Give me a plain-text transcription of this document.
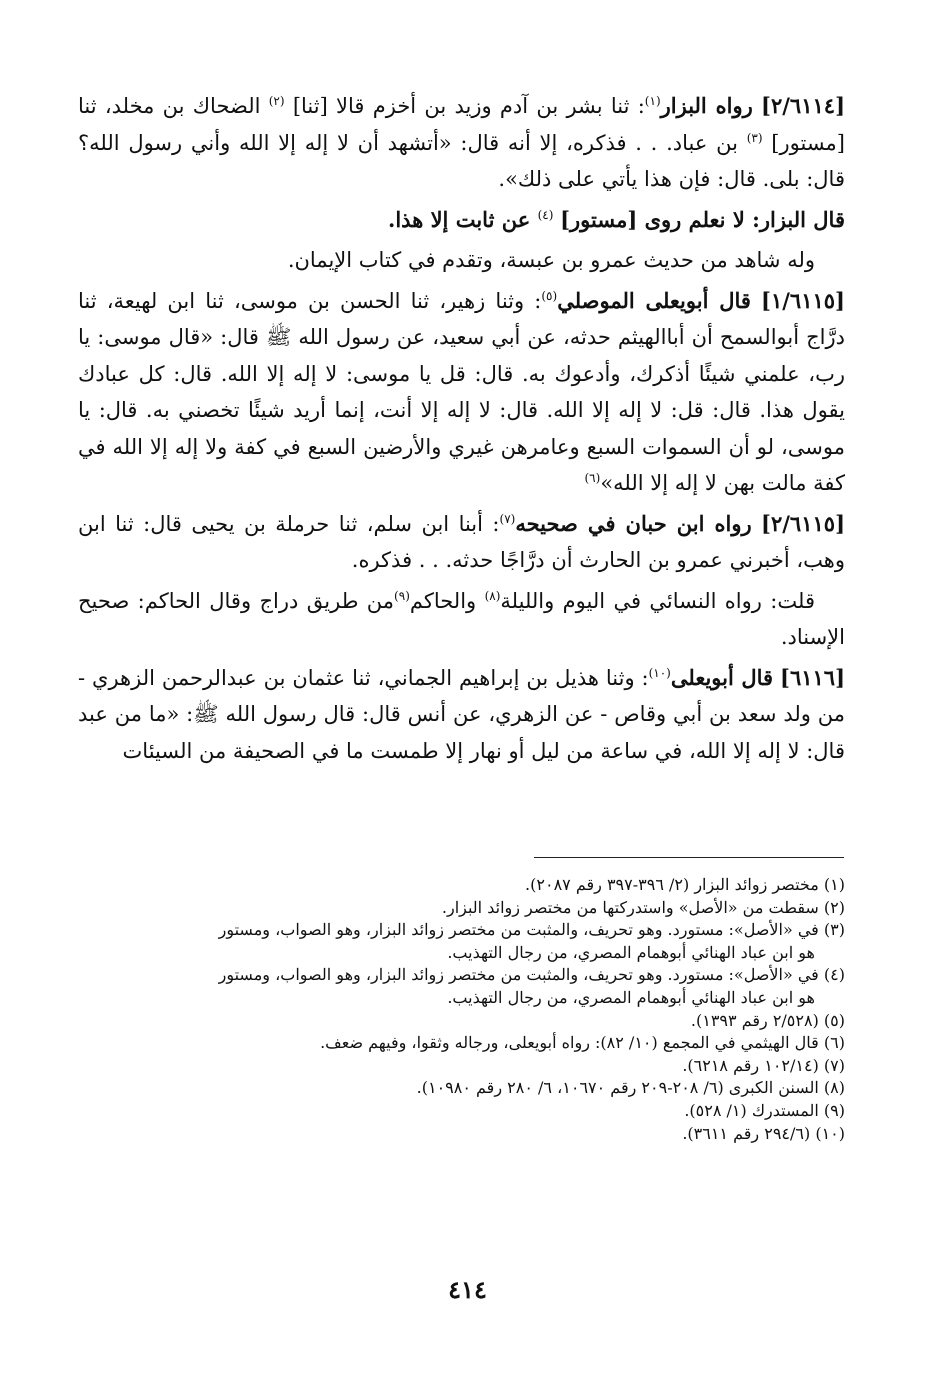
[٢/٦١١٤] رواه البزار$^{(١)}$: ثنا بشر بن آدم وزيد بن أخزم قالا [ثنا] $^{(٢)}$ الضحاك بن مخلد، ثنا [مستور] $^{(٣)}$ بن عباد. . . فذكره، إلا أنه قال: «أتشهد أن لا إله إلا الله وأني رسول الله؟ قال: بلى. قال: فإن هذا يأتي على ذلك».

قال البزار: لا نعلم روى [مستور] $^{(٤)}$ عن ثابت إلا هذا.

وله شاهد من حديث عمرو بن عبسة، وتقدم في كتاب الإيمان.

[١/٦١١٥] قال أبويعلى الموصلي$^{(٥)}$: وثنا زهير، ثنا الحسن بن موسى، ثنا ابن لهيعة، ثنا درَّاج أبوالسمح أن أباالهيثم حدثه، عن أبي سعيد، عن رسول الله ﷺ قال: «قال موسى: يا رب، علمني شيئًا أذكرك، وأدعوك به. قال: قل يا موسى: لا إله إلا الله. قال: كل عبادك يقول هذا. قال: قل: لا إله إلا الله. قال: لا إله إلا أنت، إنما أريد شيئًا تخصني به. قال: يا موسى، لو أن السموات السبع وعامرهن غيري والأرضين السبع في كفة ولا إله إلا الله في كفة مالت بهن لا إله إلا الله»$^{(٦)}$

[٢/٦١١٥] رواه ابن حبان في صحيحه$^{(٧)}$: أبنا ابن سلم، ثنا حرملة بن يحيى قال: ثنا ابن وهب، أخبرني عمرو بن الحارث أن درَّاجًا حدثه. . . فذكره.

قلت: رواه النسائي في اليوم والليلة$^{(٨)}$ والحاكم$^{(٩)}$من طريق دراج وقال الحاكم: صحيح الإسناد.

[٦١١٦] قال أبويعلى$^{(١٠)}$: وثنا هذيل بن إبراهيم الجماني، ثنا عثمان بن عبدالرحمن الزهري - من ولد سعد بن أبي وقاص - عن الزهري، عن أنس قال: قال رسول الله ﷺ: «ما من عبد قال: لا إله إلا الله، في ساعة من ليل أو نهار إلا طمست ما في الصحيفة من السيئات

(١) مختصر زوائد البزار (٢/ ٣٩٦-٣٩٧ رقم ٢٠٨٧).
(٢) سقطت من «الأصل» واستدركتها من مختصر زوائد البزار.
(٣) في «الأصل»: مستورد. وهو تحريف، والمثبت من مختصر زوائد البزار، وهو الصواب، ومستور
هو ابن عباد الهنائي أبوهمام المصري، من رجال التهذيب.
(٤) في «الأصل»: مستورد. وهو تحريف، والمثبت من مختصر زوائد البزار، وهو الصواب، ومستور
هو ابن عباد الهنائي أبوهمام المصري، من رجال التهذيب.
(٥) (٢/٥٢٨ رقم ١٣٩٣).
(٦) قال الهيثمي في المجمع (١٠/ ٨٢): رواه أبويعلى، ورجاله وثقوا، وفيهم ضعف.
(٧) (١٠٢/١٤ رقم ٦٢١٨).
(٨) السنن الكبرى (٦/ ٢٠٨-٢٠٩ رقم ١٠٦٧٠، ٦/ ٢٨٠ رقم ١٠٩٨٠).
(٩) المستدرك (١/ ٥٢٨).
(١٠) (٢٩٤/٦ رقم ٣٦١١).
٤١٤
